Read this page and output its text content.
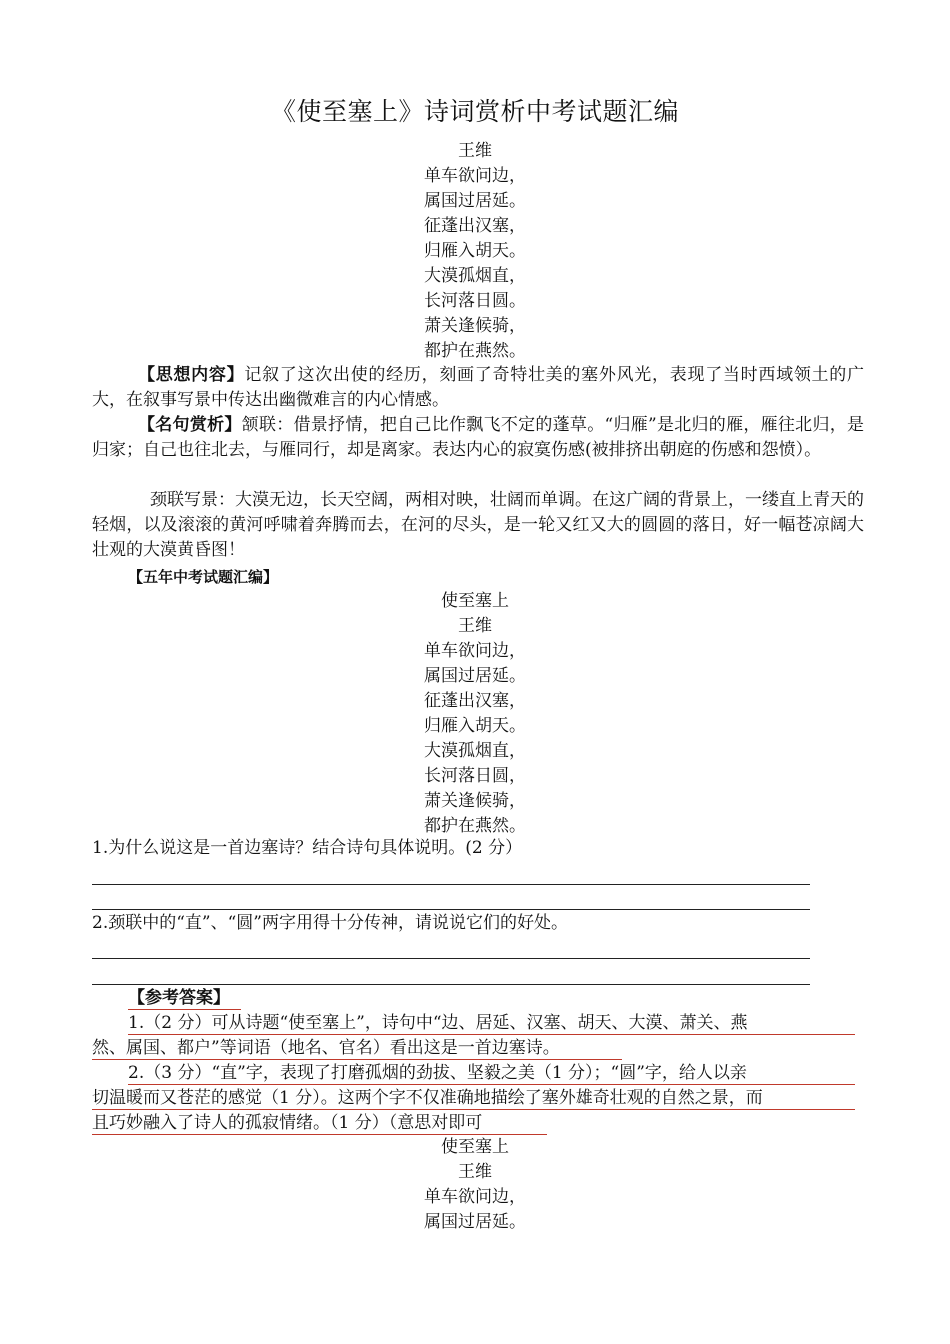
《使至塞上》诗词赏析中考试题汇编
王维
单车欲问边，
属国过居延。
征蓬出汉塞，
归雁入胡天。
大漠孤烟直，
长河落日圆。
萧关逢候骑，
都护在燕然。
【思想内容】记叙了这次出使的经历，刻画了奇特壮美的塞外风光，表现了当时西域领土的广大，在叙事写景中传达出幽微难言的内心情感。
【名句赏析】颔联：借景抒情，把自己比作飘飞不定的蓬草。“归雁”是北归的雁，雁往北归，是归家；自己也往北去，与雁同行，却是离家。表达内心的寂寞伤感(被排挤出朝庭的伤感和怨愤）。
颈联写景：大漠无边，长天空阔，两相对映，壮阔而单调。在这广阔的背景上，一缕直上青天的轻烟，以及滚滚的黄河呼啸着奔腾而去，在河的尽头，是一轮又红又大的圆圆的落日，好一幅苍凉阔大壮观的大漠黄昏图！
【五年中考试题汇编】
使至塞上
王维
单车欲问边，
属国过居延。
征蓬出汉塞，
归雁入胡天。
大漠孤烟直，
长河落日圆，
萧关逢候骑，
都护在燕然。
1.为什么说这是一首边塞诗？结合诗句具体说明。(2 分）
2.颈联中的“直”、“圆”两字用得十分传神，请说说它们的好处。
【参考答案】
1.（2 分）可从诗题“使至塞上”，诗句中“边、居延、汉塞、胡天、大漠、萧关、燕
然、属国、都户”等词语（地名、官名）看出这是一首边塞诗。
2.（3 分）“直”字，表现了打磨孤烟的劲拔、坚毅之美（1 分）；“圆”字，给人以亲
切温暖而又苍茫的感觉（1 分）。这两个字不仅准确地描绘了塞外雄奇壮观的自然之景，而
且巧妙融入了诗人的孤寂情绪。（1 分）（意思对即可
使至塞上
王维
单车欲问边，
属国过居延。
